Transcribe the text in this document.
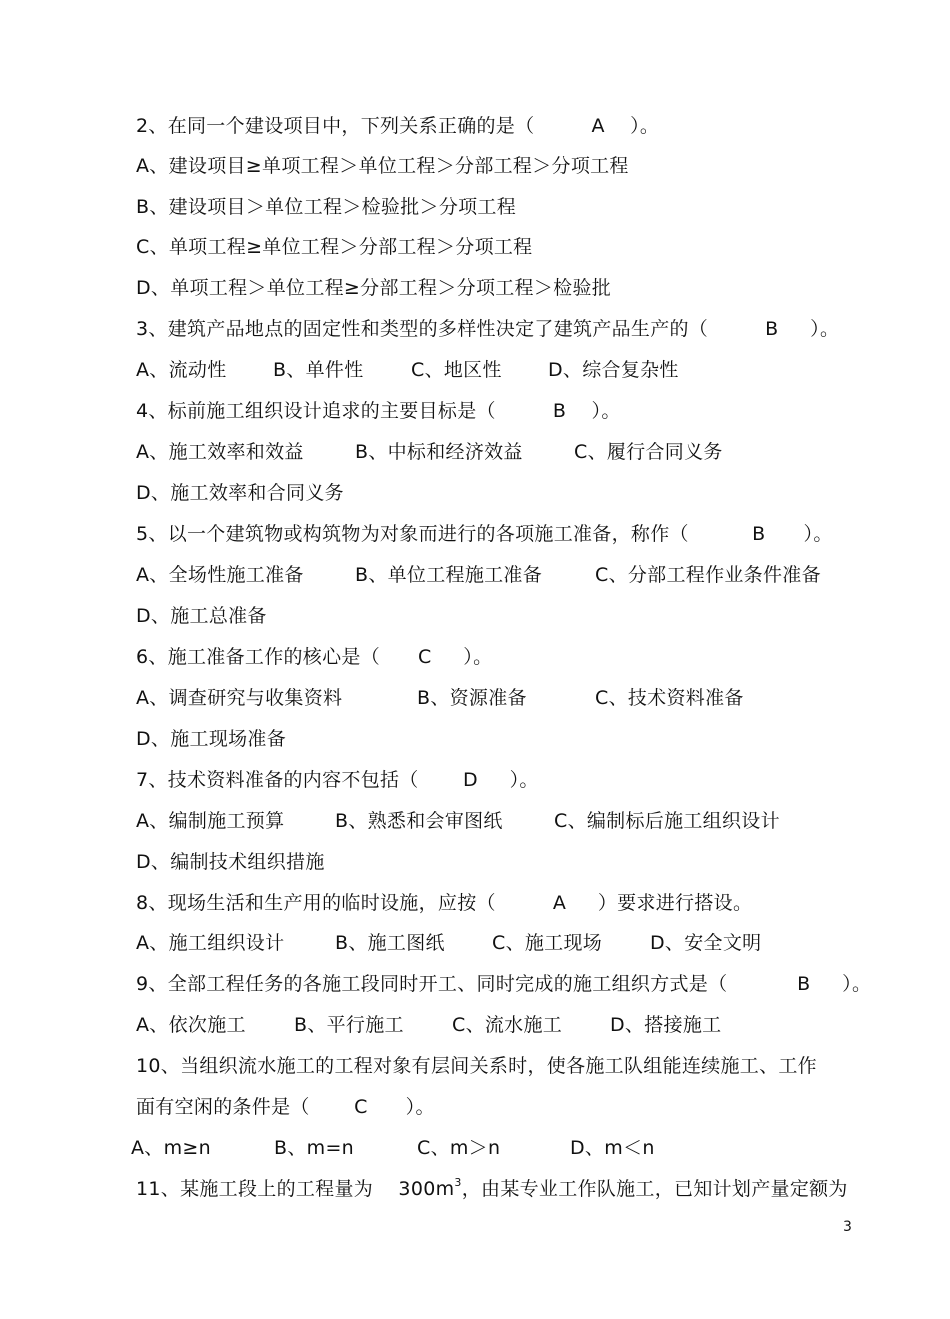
2、在同一个建设项目中，下列关系正确的是（         A    ）。
A、建设项目≥单项工程＞单位工程＞分部工程＞分项工程
B、建设项目＞单位工程＞检验批＞分项工程
C、单项工程≥单位工程＞分部工程＞分项工程
D、单项工程＞单位工程≥分部工程＞分项工程＞检验批
3、建筑产品地点的固定性和类型的多样性决定了建筑产品生产的（         B     ）。
A、流动性 B、单件性 C、地区性 D、综合复杂性
4、标前施工组织设计追求的主要目标是（         B    ）。
A、施工效率和效益	B、中标和经济效益	C、履行合同义务
D、施工效率和合同义务
5、以一个建筑物或构筑物为对象而进行的各项施工准备，称作（          B      ）。
A、全场性施工准备	B、单位工程施工准备	C、分部工程作业条件准备
D、施工总准备
6、施工准备工作的核心是（      C     ）。
A、调查研究与收集资料	B、资源准备	C、技术资料准备
D、施工现场准备
7、技术资料准备的内容不包括（       D     ）。
A、编制施工预算	B、熟悉和会审图纸	C、编制标后施工组织设计
D、编制技术组织措施
8、现场生活和生产用的临时设施，应按（         A     ）要求进行搭设。
A、施工组织设计	B、施工图纸 C、施工现场	D、安全文明
9、全部工程任务的各施工段同时开工、同时完成的施工组织方式是（           B     ）。
A、依次施工	B、平行施工	C、流水施工	D、搭接施工
10、当组织流水施工的工程对象有层间关系时，使各施工队组能连续施工、工作
面有空闲的条件是（       C      ）。
A、m≥n	B、m=n	C、m＞n	D、m＜n
11、某施工段上的工程量为    $300m^3$，由某专业工作队施工，已知计划产量定额为
3
